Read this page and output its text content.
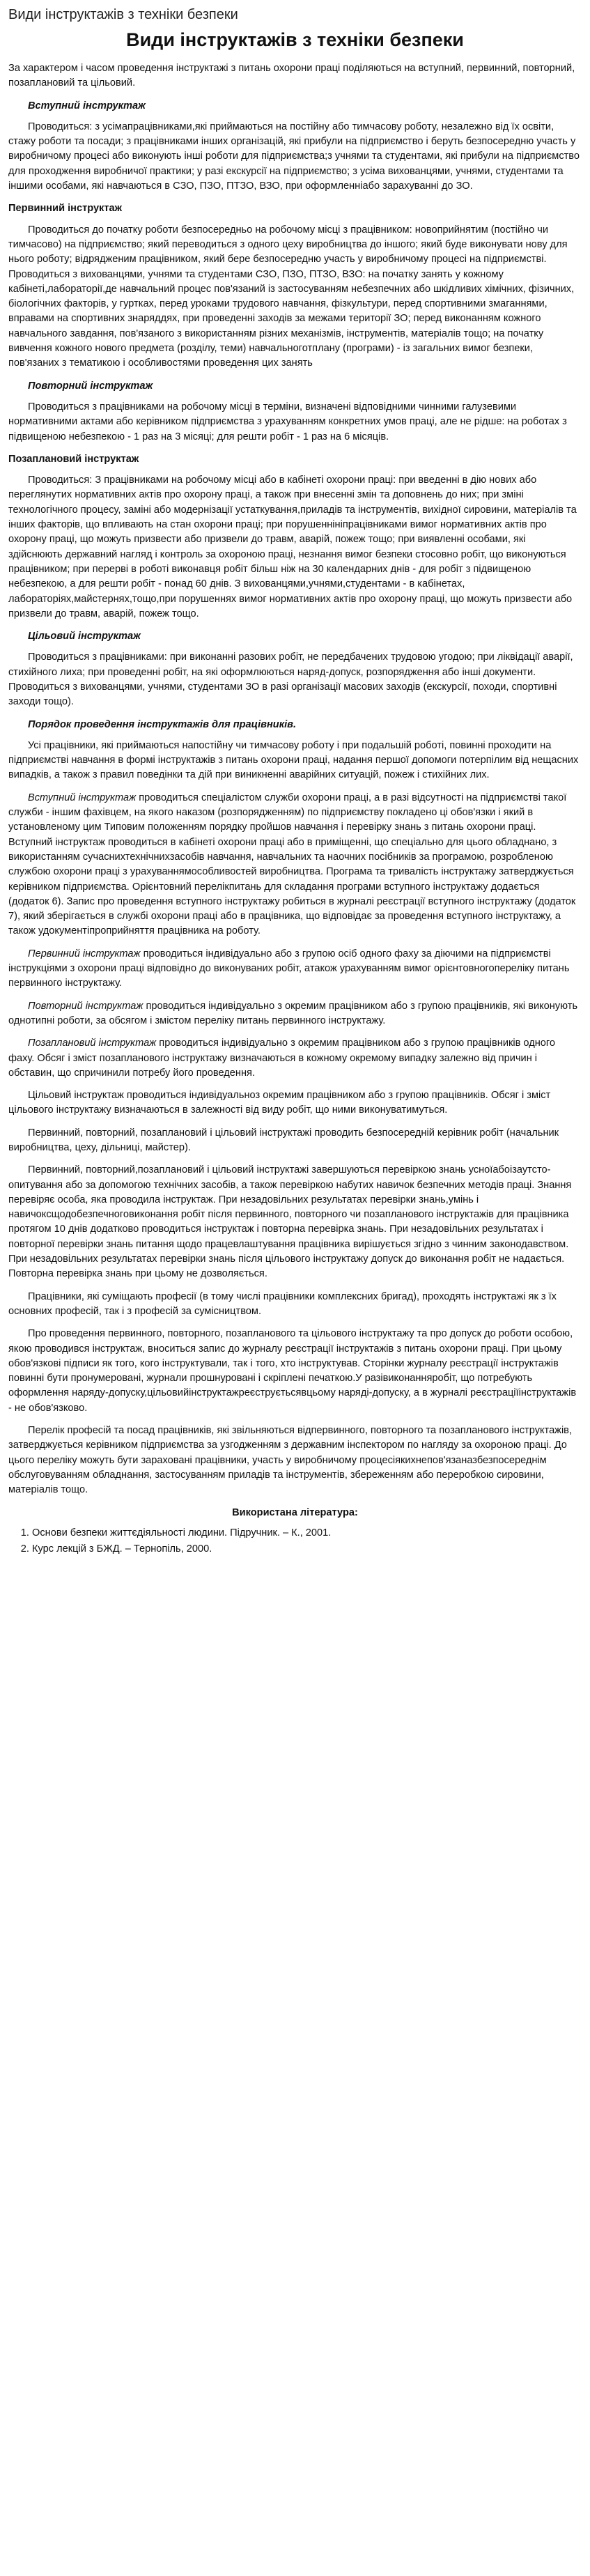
Види інструктажів з техніки безпеки
Види інструктажів з техніки безпеки

За характером і часом проведення інструктажі з питань охорони праці поділяються на вступний, первинний, повторний, позаплановий та цільовий.

Вступний інструктаж

Проводиться: з усімапрацівниками,які приймаються на постійну або тимчасову роботу, незалежно від їх освіти, стажу роботи та посади; з працівниками інших організацій, які прибули на підприємство і беруть безпосередню участь у виробничому процесі або виконують інші роботи для підприємства;з учнями та студентами, які прибули на підприємство для проходження виробничої практики; у разі екскурсії на підприємство; з усіма вихованцями, учнями, студентами та іншими особами, які навчаються в СЗО, ПЗО, ПТЗО, ВЗО, при оформленніабо зарахуванні до ЗО.

Первинний інструктаж

Проводиться до початку роботи безпосередньо на робочому місці з працівником: новоприйнятим (постійно чи тимчасово) на підприємство; який переводиться з одного цеху виробництва до іншого; який буде виконувати нову для нього роботу; відрядженим працівником, який бере безпосередню участь у виробничому процесі на підприємстві. Проводиться з вихованцями, учнями та студентами СЗО, ПЗО, ПТЗО, ВЗО: на початку занять у кожному кабінеті,лабораторії,де навчальний процес пов'язаний із застосуванням небезпечних або шкідливих хімічних, фізичних, біологічних факторів, у гуртках, перед уроками трудового навчання, фізкультури, перед спортивними змаганнями, вправами на спортивних знаряддях, при проведенні заходів за межами території ЗО; перед виконанням кожного навчального завдання, пов'язаного з використанням різних механізмів, інструментів, матеріалів тощо; на початку вивчення кожного нового предмета (розділу, теми) навчальноготплану (програми) - із загальних вимог безпеки, пов'язаних з тематикою і особливостями проведення цих занять

Повторний інструктаж

Проводиться з працівниками на робочому місці в терміни, визначені відповідними чинними галузевими нормативними актами або керівником підприємства з урахуванням конкретних умов праці, але не рідше: на роботах з підвищеною небезпекою - 1 раз на 3 місяці; для решти робіт - 1 раз на 6 місяців.

Позаплановий інструктаж

Проводиться: З працівниками на робочому місці або в кабінеті охорони праці: при введенні в дію нових або переглянутих нормативних актів про охорону праці, а також при внесенні змін та доповнень до них; при зміні технологічного процесу, заміні або модернізації устаткування,приладів та інструментів, вихідної сировини, матеріалів та інших факторів, що впливають на стан охорони праці; при порушеннініпрацівниками вимог нормативних актів про охорону праці, що можуть призвести або призвели до травм, аварій, пожеж тощо; при виявленні особами, які здійснюють державний нагляд і контроль за охороною праці, незнання вимог безпеки стосовно робіт, що виконуються працівником; при перерві в роботі виконавця робіт більш ніж на 30 календарних днів - для робіт з підвищеною небезпекою, а для решти робіт - понад 60 днів. З вихованцями,учнями,студентами - в кабінетах, лабораторіях,майстернях,тощо,при порушеннях вимог нормативних актів про охорону праці, що можуть призвести або призвели до травм, аварій, пожеж тощо.

Цільовий інструктаж

Проводиться з працівниками: при виконанні разових робіт, не передбачених трудовою угодою; при ліквідації аварії, стихійного лиха; при проведенні робіт, на які оформлюються наряд-допуск, розпорядження або інші документи. Проводиться з вихованцями, учнями, студентами ЗО в разі організації масових заходів (екскурсії, походи, спортивні заходи тощо).

Порядок проведення інструктажів для працівників.

Усі працівники, які приймаються напостійну чи тимчасову роботу і при подальшій роботі, повинні проходити на підприємстві навчання в формі інструктажів з питань охорони праці, надання першої допомоги потерпілим від нещасних випадків, а також з правил поведінки та дій при виникненні аварійних ситуацій, пожеж і стихійних лих.

Вступний інструктаж проводиться спеціалістом служби охорони праці, а в разі відсутності на підприємстві такої служби - іншим фахівцем, на якого наказом (розпорядженням) по підприємству покладено ці обов'язки і який в установленому цим Типовим положенням порядку пройшов навчання і перевірку знань з питань охорони праці. Вступний інструктаж проводиться в кабінеті охорони праці або в приміщенні, що спеціально для цього обладнано, з використанням сучаснихтехнічнихзасобів навчання, навчальних та наочних посібників за програмою, розробленою службою охорони праці з урахуваннямособливостей виробництва. Програма та тривалість інструктажу затверджується керівником підприємства. Орієнтовний перелікпитань для складання програми вступного інструктажу додається (додаток 6). Запис про проведення вступного інструктажу робиться в журналі реєстрації вступного інструктажу (додаток 7), який зберігається в службі охорони праці або в працівника, що відповідає за проведення вступного інструктажу, а також удокументіпроприйняття працівника на роботу.

Первинний інструктаж проводиться індивідуально або з групою осіб одного фаху за діючими на підприємстві інструкціями з охорони праці відповідно до виконуваних робіт, атакож урахуванням вимог орієнтовногопереліку питань первинного інструктажу.

Повторний інструктаж проводиться індивідуально з окремим працівником або з групою працівників, які виконують однотипні роботи, за обсягом і змістом переліку питань первинного інструктажу.

Позаплановий інструктаж проводиться індивідуально з окремим працівником або з групою працівників одного фаху. Обсяг і зміст позапланового інструктажу визначаються в кожному окремому випадку залежно від причин і обставин, що спричинили потребу його проведення.

Цільовий інструктаж проводиться індивідуальноз окремим працівником або з групою працівників. Обсяг і зміст цільового інструктажу визначаються в залежності від виду робіт, що ними виконуватимуться.

Первинний, повторний, позаплановий і цільовий інструктажі проводить безпосередній керівник робіт (начальник виробництва, цеху, дільниці, майстер).

Первинний, повторний,позаплановий і цільовий інструктажі завершуються перевіркою знань усноїабоізаутсто-опитування або за допомогою технічних засобів, а також перевіркою набутих навичок безпечних методів праці. Знання перевіряє особа, яка проводила інструктаж. При незадовільних результатах перевірки знань,умінь і навичоксщодобезпечноговиконання робіт після первинного, повторного чи позапланового інструктажів для працівника протягом 10 днів додатково проводиться інструктаж і повторна перевірка знань. При незадовільних результатах і повторної перевірки знань питання щодо працевлаштування працівника вирішується згідно з чинним законодавством. При незадовільних результатах перевірки знань після цільового інструктажу допуск до виконання робіт не надається. Повторна перевірка знань при цьому не дозволяється.

Працівники, які суміщають професії (в тому числі працівники комплексних бригад), проходять інструктажі як з їх основних професій, так і з професій за сумісництвом.

Про проведення первинного, повторного, позапланового та цільового інструктажу та про допуск до роботи особою, якою проводився інструктаж, вноситься запис до журналу реєстрації інструктажів з питань охорони праці. При цьому обов'язкові підписи як того, кого інструктували, так і того, хто інструктував. Сторінки журналу реєстрації інструктажів повинні бути пронумеровані, журнали прошнуровані і скріплені печаткою.У разівиконанняробіт, що потребують оформлення наряду-допуску,цільовийінструктажреєструєтьсявцьому наряді-допуску, а в журналі реєстраціїінструктажів - не обов'язково.

Перелік професій та посад працівників, які звільняються відпервинного, повторного та позапланового інструктажів, затверджується керівником підприємства за узгодженням з державним інспектором по нагляду за охороною праці. До цього переліку можуть бути зараховані працівники, участь у виробничому процесіякихнепов'язаназбезпосереднім обслуговуванням обладнання, застосуванням приладів та інструментів, збереженням або переробкою сировини, матеріалів тощо.

Використана література:
1. Основи безпеки життєдіяльності людини. Підручник. – К., 2001.
2. Курс лекцій з БЖД. – Тернопіль, 2000.
